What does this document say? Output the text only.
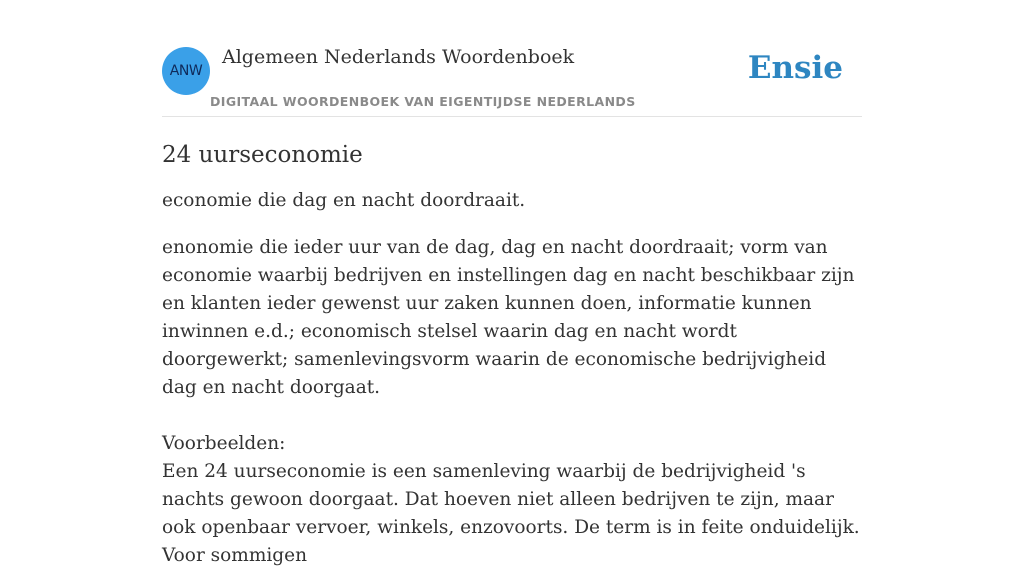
ANW
Algemeen Nederlands Woordenboek
DIGITAAL WOORDENBOEK VAN EIGENTIJDSE NEDERLANDS
Ensie
24 uurseconomie

economie die dag en nacht doordraait.

enonomie die ieder uur van de dag, dag en nacht doordraait; vorm van economie waarbij bedrijven en instellingen dag en nacht beschikbaar zijn en klanten ieder gewenst uur zaken kunnen doen, informatie kunnen inwinnen e.d.; economisch stelsel waarin dag en nacht wordt doorgewerkt; samenlevingsvorm waarin de economische bedrijvigheid dag en nacht doorgaat.

Voorbeelden:

Een 24 uurseconomie is een samenleving waarbij de bedrijvigheid 's nachts gewoon doorgaat. Dat hoeven niet alleen bedrijven te zijn, maar ook openbaar vervoer, winkels, enzovoorts. De term is in feite onduidelijk. Voor sommigen
